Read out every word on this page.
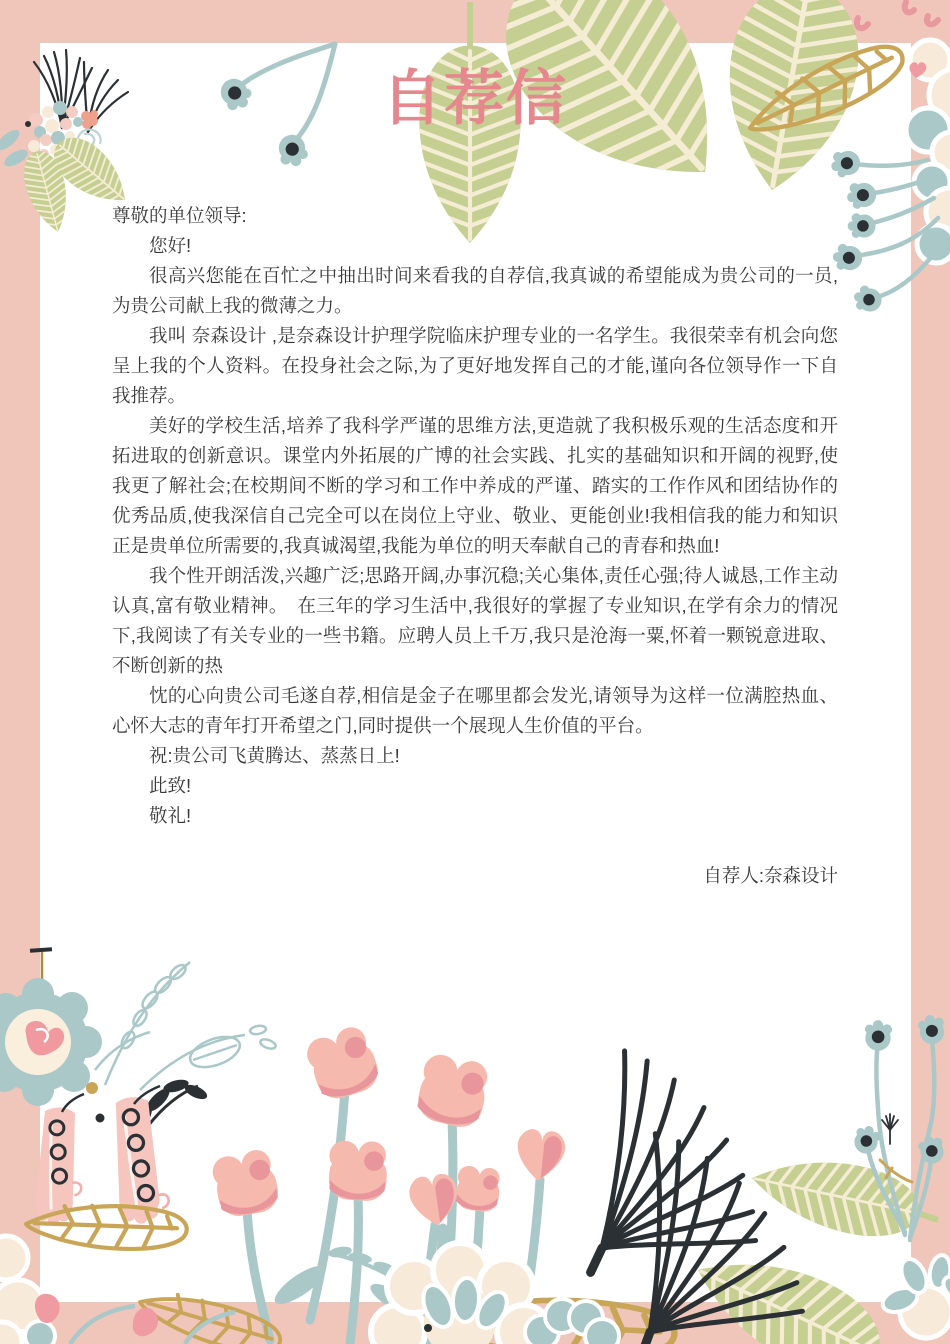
自荐信

尊敬的单位领导:

您好!

很高兴您能在百忙之中抽出时间来看我的自荐信,我真诚的希望能成为贵公司的一员,为贵公司献上我的微薄之力。

我叫 奈森设计 ,是奈森设计护理学院临床护理专业的一名学生。我很荣幸有机会向您呈上我的个人资料。在投身社会之际,为了更好地发挥自己的才能,谨向各位领导作一下自我推荐。

美好的学校生活,培养了我科学严谨的思维方法,更造就了我积极乐观的生活态度和开拓进取的创新意识。课堂内外拓展的广博的社会实践、扎实的基础知识和开阔的视野,使我更了解社会;在校期间不断的学习和工作中养成的严谨、踏实的工作作风和团结协作的优秀品质,使我深信自己完全可以在岗位上守业、敬业、更能创业!我相信我的能力和知识正是贵单位所需要的,我真诚渴望,我能为单位的明天奉献自己的青春和热血!

我个性开朗活泼,兴趣广泛;思路开阔,办事沉稳;关心集体,责任心强;待人诚恳,工作主动认真,富有敬业精神。　在三年的学习生活中,我很好的掌握了专业知识,在学有余力的情况下,我阅读了有关专业的一些书籍。应聘人员上千万,我只是沧海一粟,怀着一颗锐意进取、不断创新的热

忱的心向贵公司毛遂自荐,相信是金子在哪里都会发光,请领导为这样一位满腔热血、心怀大志的青年打开希望之门,同时提供一个展现人生价值的平台。

祝:贵公司飞黄腾达、蒸蒸日上!

此致!

敬礼!

自荐人:奈森设计
